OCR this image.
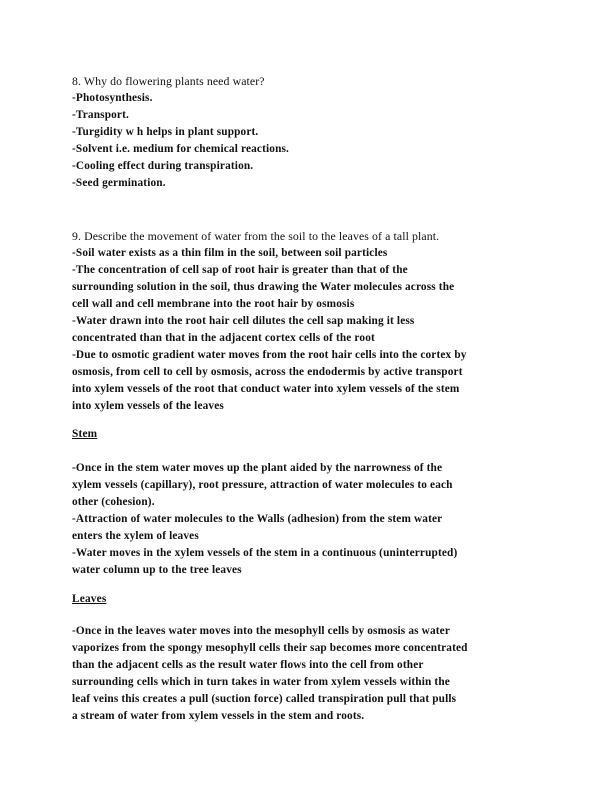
8. Why do flowering plants need water?
-Photosynthesis.
-Transport.
-Turgidity w h helps in plant support.
-Solvent i.e. medium for chemical reactions.
-Cooling effect during transpiration.
-Seed germination.
9. Describe the movement of water from the soil to the leaves of a tall plant.
-Soil water exists as a thin film in the soil, between soil particles
-The concentration of cell sap of root hair is greater than that of the
surrounding solution in the soil, thus drawing the Water molecules across the
cell wall and cell membrane into the root hair by osmosis
-Water drawn into the root hair cell dilutes the cell sap making it less
concentrated than that in the adjacent cortex cells of the root
-Due to osmotic gradient water moves from the root hair cells into the cortex by
osmosis, from cell to cell by osmosis, across the endodermis by active transport
into xylem vessels of the root that conduct water into xylem vessels of the stem
into xylem vessels of the leaves
Stem
-Once in the stem water moves up the plant aided by the narrowness of the
xylem vessels (capillary), root pressure, attraction of water molecules to each
other (cohesion).
-Attraction of water molecules to the Walls (adhesion) from the stem water
enters the xylem of leaves
-Water moves in the xylem vessels of the stem in a continuous (uninterrupted)
water column up to the tree leaves
Leaves
-Once in the leaves water moves into the mesophyll cells by osmosis as water
vaporizes from the spongy mesophyll cells their sap becomes more concentrated
than the adjacent cells as the result water flows into the cell from other
surrounding cells which in turn takes in water from xylem vessels within the
leaf veins this creates a pull (suction force) called transpiration pull that pulls
a stream of water from xylem vessels in the stem and roots.
